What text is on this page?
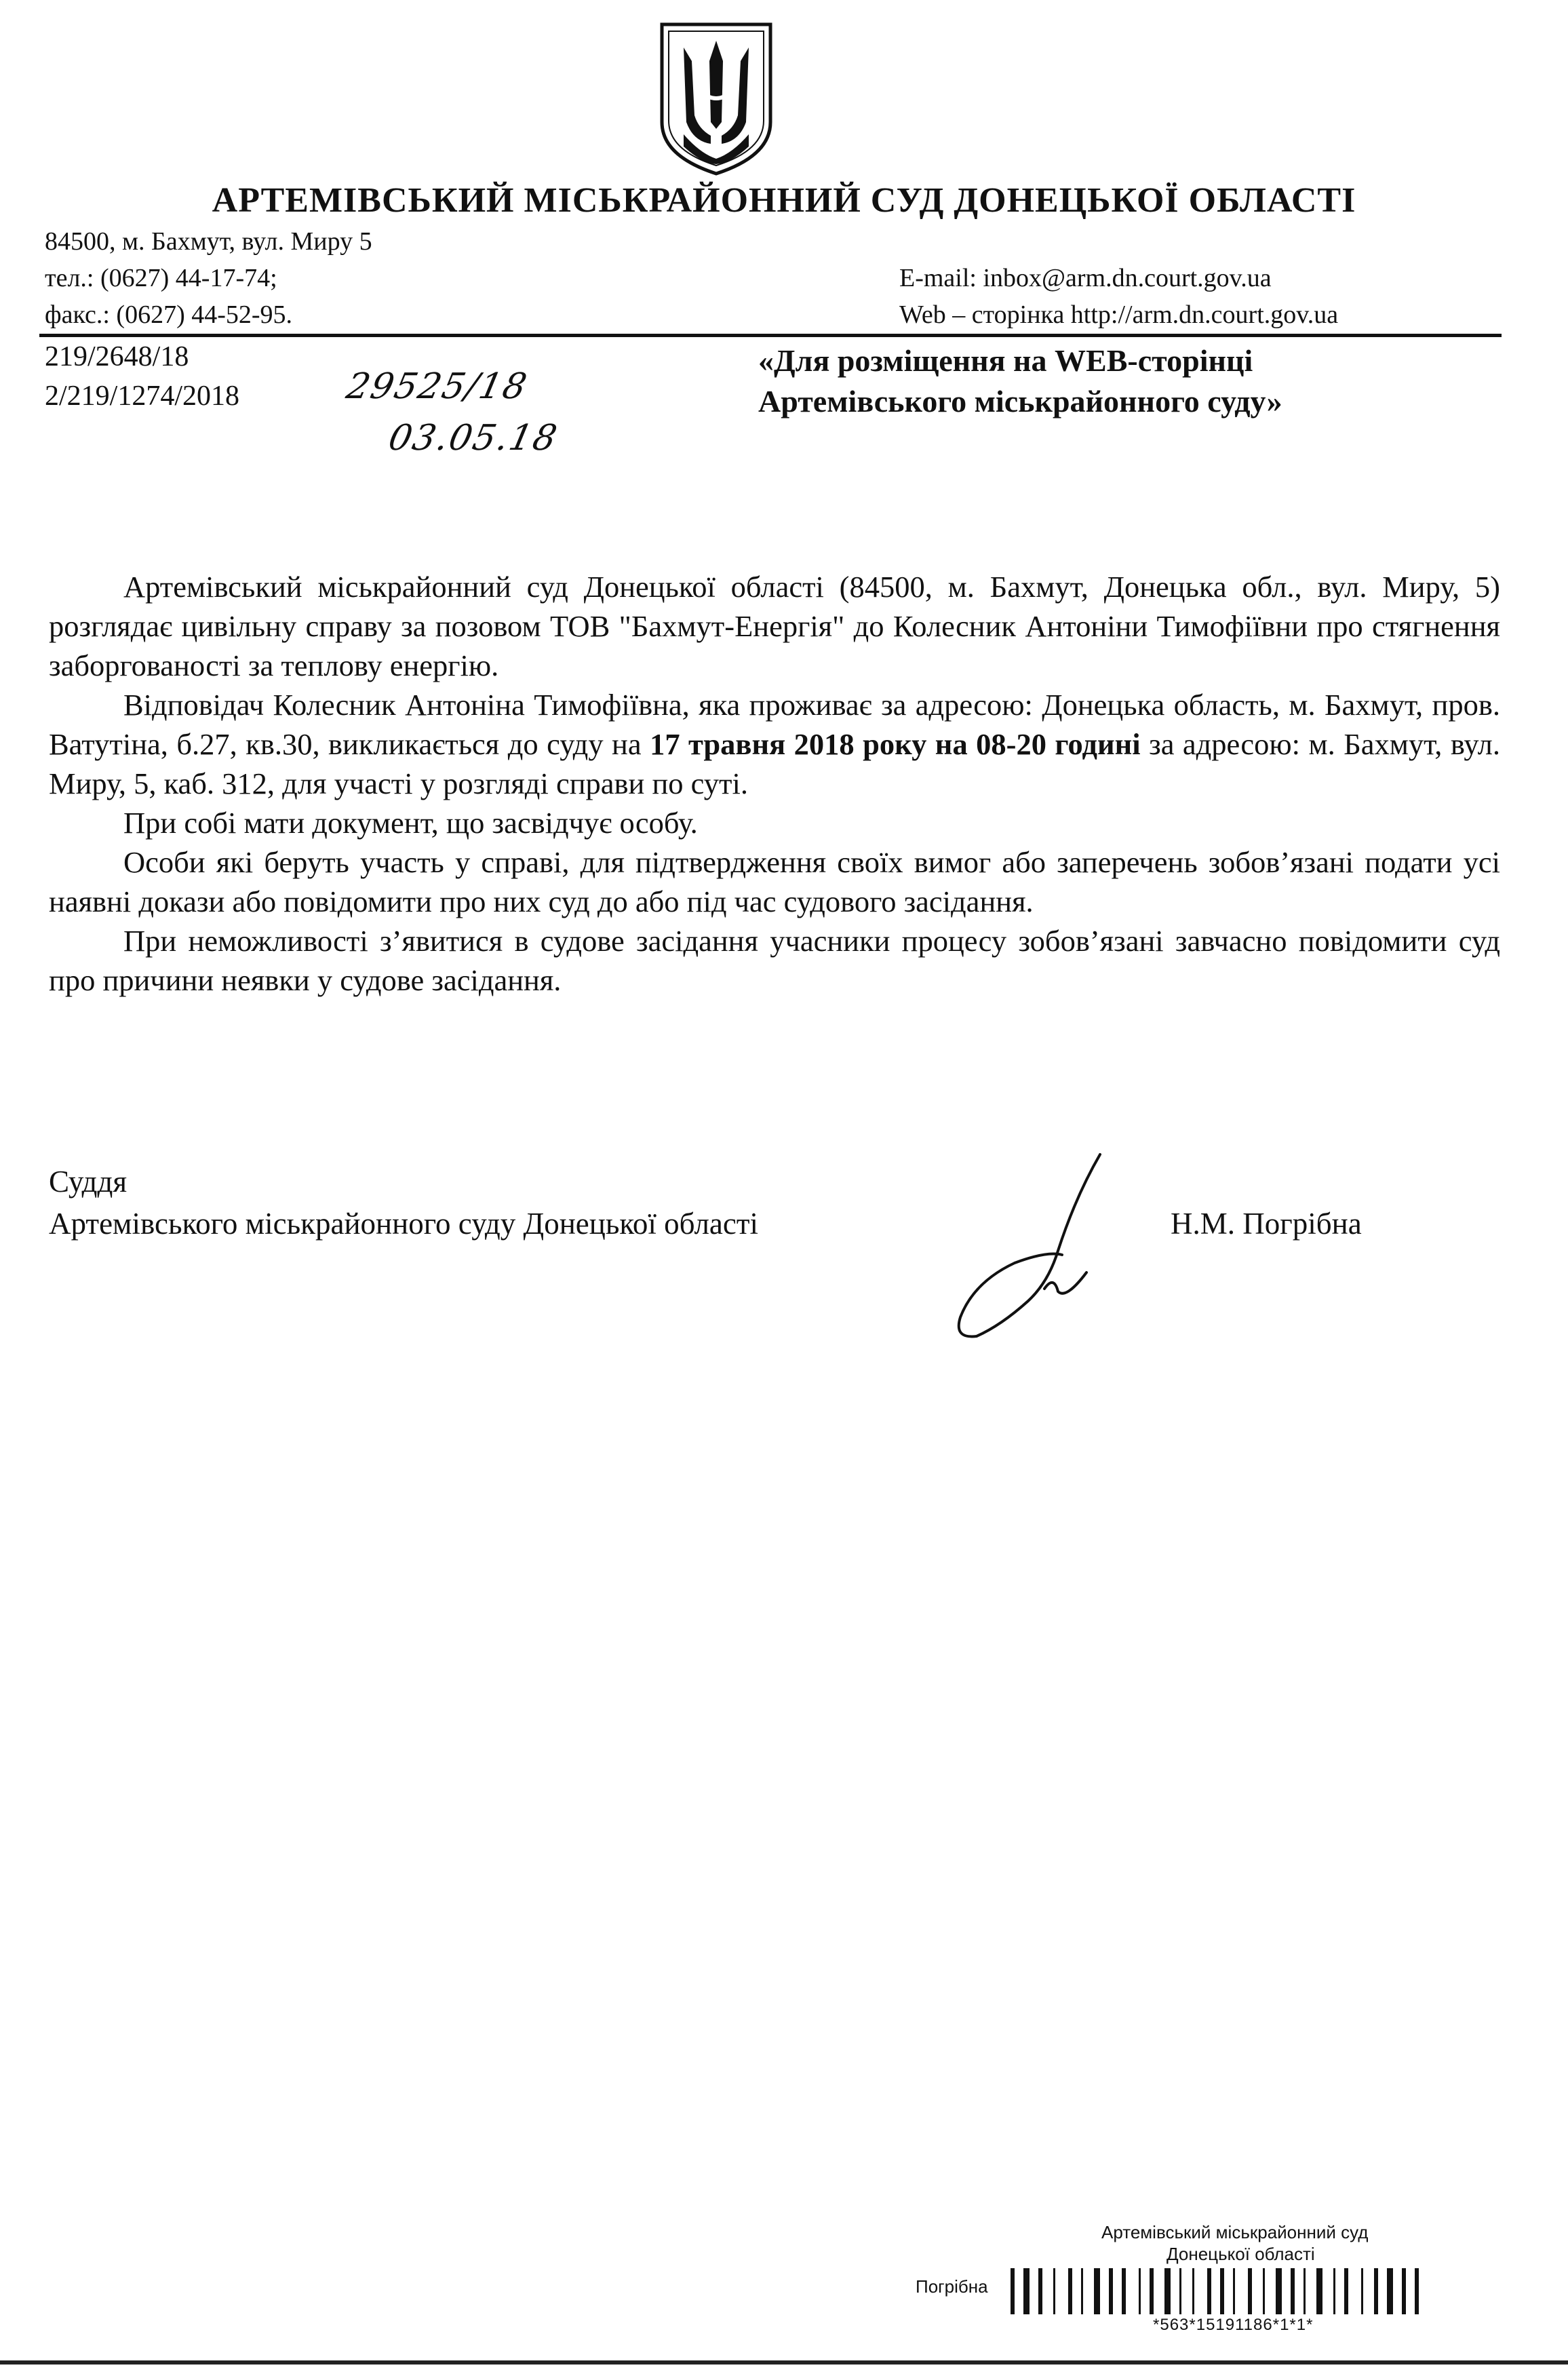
АРТЕМІВСЬКИЙ МІСЬКРАЙОННИЙ СУД ДОНЕЦЬКОЇ ОБЛАСТІ
84500, м. Бахмут, вул. Миру 5
тел.: (0627) 44-17-74;
факс.: (0627) 44-52-95.
E-mail: inbox@arm.dn.court.gov.ua
Web – сторінка http://arm.dn.court.gov.ua
219/2648/18
2/219/1274/2018	29525/18
03.05.18
«Для розміщення на WEB-сторінці
Артемівського міськрайонного суду»

Артемівський міськрайонний суд Донецької області (84500, м. Бахмут, Донецька обл., вул. Миру, 5) розглядає цивільну справу за позовом ТОВ "Бахмут-Енергія" до Колесник Антоніни Тимофіївни про стягнення заборгованості за теплову енергію.

Відповідач Колесник Антоніна Тимофіївна, яка проживає за адресою: Донецька область, м. Бахмут, пров. Ватутіна, б.27, кв.30, викликається до суду на 17 травня 2018 року на 08-20 годині за адресою: м. Бахмут, вул. Миру, 5, каб. 312, для участі у розгляді справи по суті.

При собі мати документ, що засвідчує особу.

Особи які беруть участь у справі, для підтвердження своїх вимог або заперечень зобов’язані подати усі наявні докази або повідомити про них суд до або під час судового засідання.

При неможливості з’явитися в судове засідання учасники процесу зобов’язані завчасно повідомити суд про причини неявки у судове засідання.

Суддя
Артемівського міськрайонного суду Донецької області	Н.М. Погрібна
Артемівський міськрайонний суд
Донецької області
Погрібна
*563*15191186*1*1*
